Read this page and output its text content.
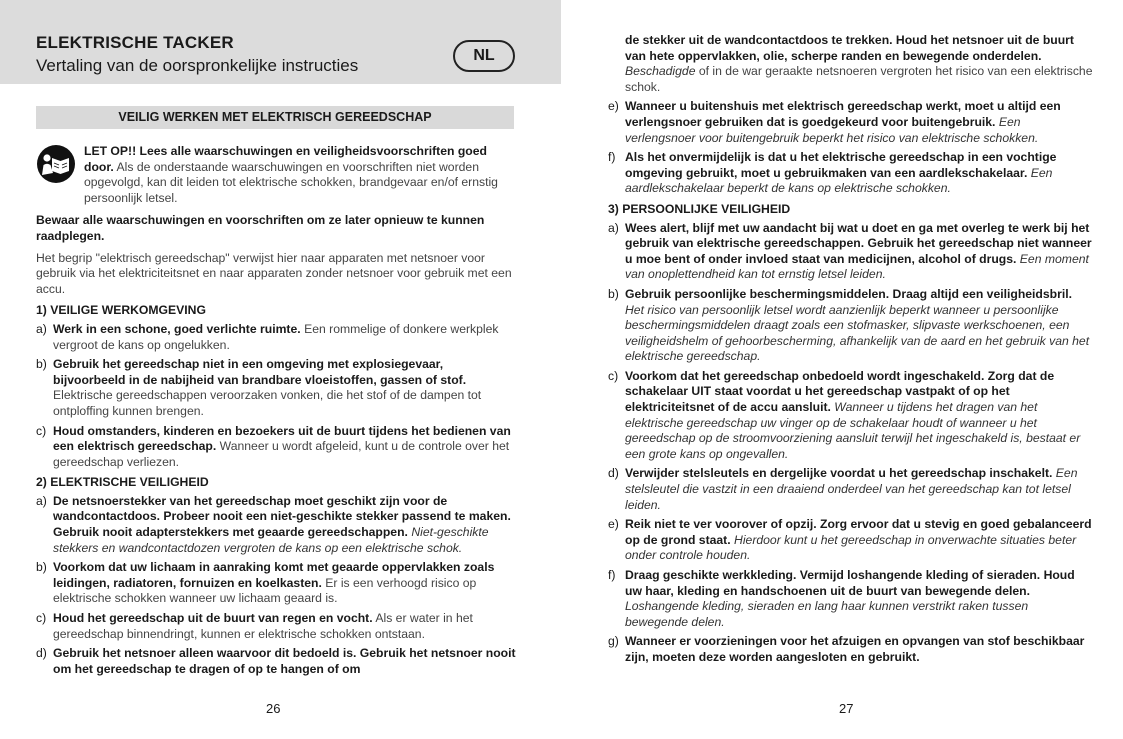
ELEKTRISCHE TACKER
Vertaling van de oorspronkelijke instructies
NL
VEILIG WERKEN MET ELEKTRISCH GEREEDSCHAP

LET OP!! Lees alle waarschuwingen en veiligheidsvoorschriften goed door. Als de onderstaande waarschuwingen en voorschriften niet worden opgevolgd, kan dit leiden tot elektrische schokken, brandgevaar en/of ernstig persoonlijk letsel.

Bewaar alle waarschuwingen en voorschriften om ze later opnieuw te kunnen raadplegen.

Het begrip "elektrisch gereedschap" verwijst hier naar apparaten met netsnoer voor gebruik via het elektriciteitsnet en naar apparaten zonder netsnoer voor gebruik met een accu.

1) VEILIGE WERKOMGEVING

a) Werk in een schone, goed verlichte ruimte. Een rommelige of donkere werkplek vergroot de kans op ongelukken.

b) Gebruik het gereedschap niet in een omgeving met explosiegevaar, bijvoorbeeld in de nabijheid van brandbare vloeistoffen, gassen of stof. Elektrische gereedschappen veroorzaken vonken, die het stof of de dampen tot ontploffing kunnen brengen.

c) Houd omstanders, kinderen en bezoekers uit de buurt tijdens het bedienen van een elektrisch gereedschap. Wanneer u wordt afgeleid, kunt u de controle over het gereedschap verliezen.

2) ELEKTRISCHE VEILIGHEID

a) De netsnoerstekker van het gereedschap moet geschikt zijn voor de wandcontactdoos. Probeer nooit een niet-geschikte stekker passend te maken. Gebruik nooit adapterstekkers met geaarde gereedschappen. Niet-geschikte stekkers en wandcontactdozen vergroten de kans op een elektrische schok.

b) Voorkom dat uw lichaam in aanraking komt met geaarde oppervlakken zoals leidingen, radiatoren, fornuizen en koelkasten. Er is een verhoogd risico op elektrische schokken wanneer uw lichaam geaard is.

c) Houd het gereedschap uit de buurt van regen en vocht. Als er water in het gereedschap binnendringt, kunnen er elektrische schokken ontstaan.

d) Gebruik het netsnoer alleen waarvoor dit bedoeld is. Gebruik het netsnoer nooit om het gereedschap te dragen of op te hangen of om

26

de stekker uit de wandcontactdoos te trekken. Houd het netsnoer uit de buurt van hete oppervlakken, olie, scherpe randen en bewegende onderdelen. Beschadigde of in de war geraakte netsnoeren vergroten het risico van een elektrische schok.

e) Wanneer u buitenshuis met elektrisch gereedschap werkt, moet u altijd een verlengsnoer gebruiken dat is goedgekeurd voor buitengebruik. Een verlengsnoer voor buitengebruik beperkt het risico van elektrische schokken.

f) Als het onvermijdelijk is dat u het elektrische gereedschap in een vochtige omgeving gebruikt, moet u gebruikmaken van een aardlekschakelaar. Een aardlekschakelaar beperkt de kans op elektrische schokken.

3) PERSOONLIJKE VEILIGHEID

a) Wees alert, blijf met uw aandacht bij wat u doet en ga met overleg te werk bij het gebruik van elektrische gereedschappen. Gebruik het gereedschap niet wanneer u moe bent of onder invloed staat van medicijnen, alcohol of drugs. Een moment van onoplettendheid kan tot ernstig letsel leiden.

b) Gebruik persoonlijke beschermingsmiddelen. Draag altijd een veiligheidsbril. Het risico van persoonlijk letsel wordt aanzienlijk beperkt wanneer u persoonlijke beschermingsmiddelen draagt zoals een stofmasker, slipvaste werkschoenen, een veiligheidshelm of gehoorbescherming, afhankelijk van de aard en het gebruik van het elektrische gereedschap.

c) Voorkom dat het gereedschap onbedoeld wordt ingeschakeld. Zorg dat de schakelaar UIT staat voordat u het gereedschap vastpakt of op het elektriciteitsnet of de accu aansluit. Wanneer u tijdens het dragen van het elektrische gereedschap uw vinger op de schakelaar houdt of wanneer u het gereedschap op de stroomvoorziening aansluit terwijl het ingeschakeld is, bestaat er een grote kans op ongevallen.

d) Verwijder stelsleutels en dergelijke voordat u het gereedschap inschakelt. Een stelsleutel die vastzit in een draaiend onderdeel van het gereedschap kan tot letsel leiden.

e) Reik niet te ver voorover of opzij. Zorg ervoor dat u stevig en goed gebalanceerd op de grond staat. Hierdoor kunt u het gereedschap in onverwachte situaties beter onder controle houden.

f) Draag geschikte werkkleding. Vermijd loshangende kleding of sieraden. Houd uw haar, kleding en handschoenen uit de buurt van bewegende delen. Loshangende kleding, sieraden en lang haar kunnen verstrikt raken tussen bewegende delen.

g) Wanneer er voorzieningen voor het afzuigen en opvangen van stof beschikbaar zijn, moeten deze worden aangesloten en gebruikt.

27
